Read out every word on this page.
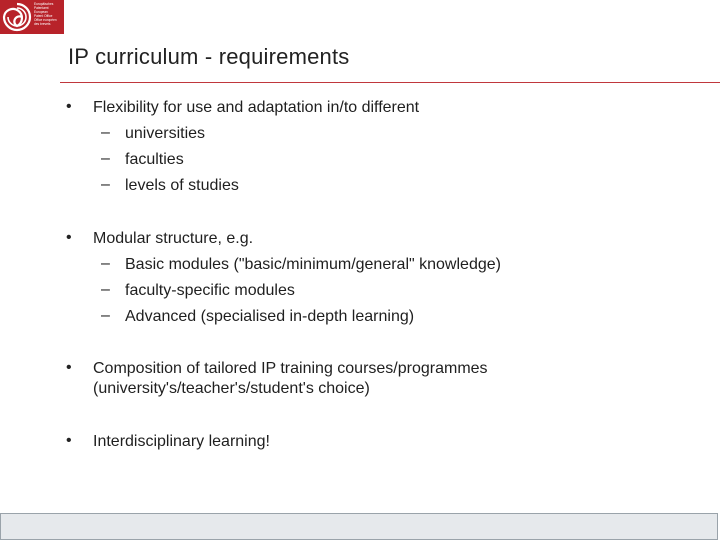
Europäisches
Patentamt
European
Patent Office
Office européen
des brevets
IP curriculum - requirements
• Flexibility for use and adaptation in/to different
– universities
– faculties
– levels of studies
• Modular structure, e.g.
– Basic modules ("basic/minimum/general" knowledge)
– faculty-specific modules
– Advanced (specialised in-depth learning)
• Composition of tailored IP training courses/programmes
(university's/teacher's/student's choice)
• Interdisciplinary learning!
